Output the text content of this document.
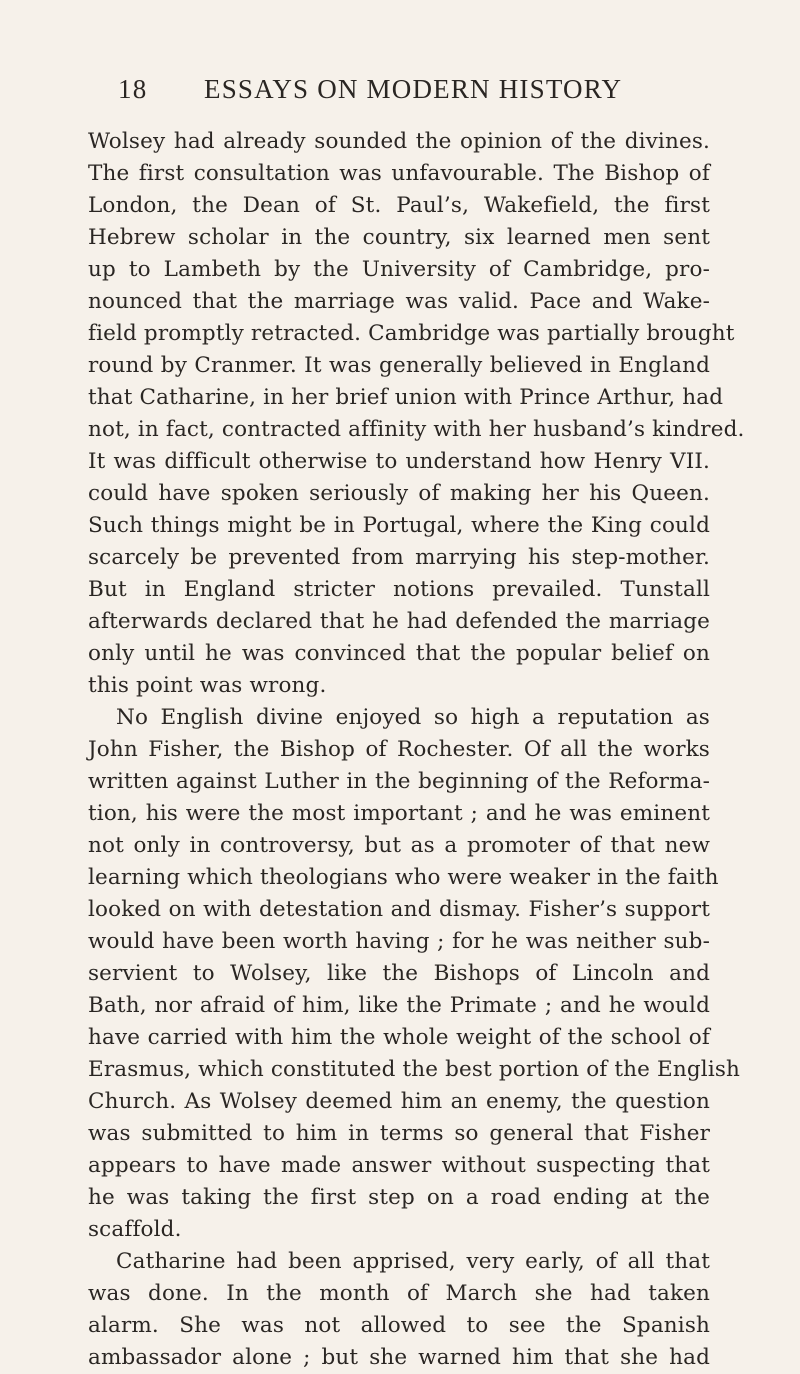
18 ESSAYS ON MODERN HISTORY
Wolsey had already sounded the opinion of the divines.
The first consultation was unfavourable. The Bishop of
London, the Dean of St. Paul’s, Wakefield, the first
Hebrew scholar in the country, six learned men sent
up to Lambeth by the University of Cambridge, pro-
nounced that the marriage was valid. Pace and Wake-
field promptly retracted. Cambridge was partially brought
round by Cranmer. It was generally believed in England
that Catharine, in her brief union with Prince Arthur, had
not, in fact, contracted affinity with her husband’s kindred.
It was difficult otherwise to understand how Henry VII.
could have spoken seriously of making her his Queen.
Such things might be in Portugal, where the King could
scarcely be prevented from marrying his step-mother.
But in England stricter notions prevailed. Tunstall
afterwards declared that he had defended the marriage
only until he was convinced that the popular belief on
this point was wrong.
No English divine enjoyed so high a reputation as
John Fisher, the Bishop of Rochester. Of all the works
written against Luther in the beginning of the Reforma-
tion, his were the most important ; and he was eminent
not only in controversy, but as a promoter of that new
learning which theologians who were weaker in the faith
looked on with detestation and dismay. Fisher’s support
would have been worth having ; for he was neither sub-
servient to Wolsey, like the Bishops of Lincoln and
Bath, nor afraid of him, like the Primate ; and he would
have carried with him the whole weight of the school of
Erasmus, which constituted the best portion of the English
Church. As Wolsey deemed him an enemy, the question
was submitted to him in terms so general that Fisher
appears to have made answer without suspecting that
he was taking the first step on a road ending at the
scaffold.
Catharine had been apprised, very early, of all that
was done. In the month of March she had taken
alarm. She was not allowed to see the Spanish
ambassador alone ; but she warned him that she had
